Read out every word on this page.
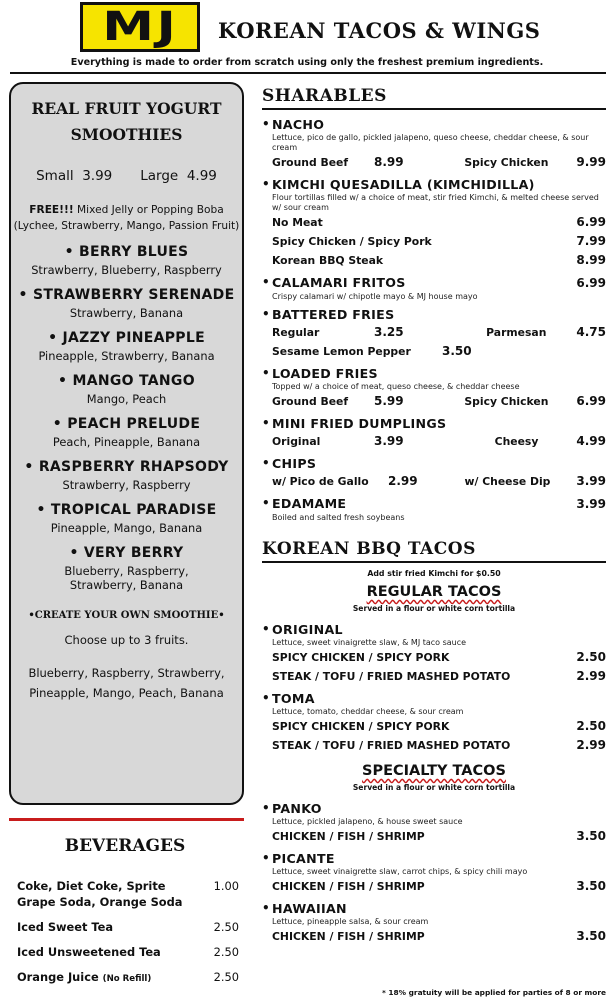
MJ KOREAN TACOS & WINGS
Everything is made to order from scratch using only the freshest premium ingredients.
REAL FRUIT YOGURT
SMOOTHIES
Small 3.99 Large 4.99
FREE!!! Mixed Jelly or Popping Boba
(Lychee, Strawberry, Mango, Passion Fruit)
• BERRY BLUES
Strawberry, Blueberry, Raspberry
• STRAWBERRY SERENADE
Strawberry, Banana
• JAZZY PINEAPPLE
Pineapple, Strawberry, Banana
• MANGO TANGO
Mango, Peach
• PEACH PRELUDE
Peach, Pineapple, Banana
• RASPBERRY RHAPSODY
Strawberry, Raspberry
• TROPICAL PARADISE
Pineapple, Mango, Banana
• VERY BERRY
Blueberry, Raspberry, Strawberry, Banana
•CREATE YOUR OWN SMOOTHIE•
Choose up to 3 fruits.
Blueberry, Raspberry, Strawberry,
Pineapple, Mango, Peach, Banana
BEVERAGES
Coke, Diet Coke, Sprite
Grape Soda, Orange Soda
1.00
Iced Sweet Tea	2.50
Iced Unsweetened Tea	2.50
Orange Juice (No Refill)	2.50
SHARABLES
• NACHO
Lettuce, pico de gallo, pickled jalapeno, queso cheese, cheddar cheese, & sour cream
Ground Beef	8.99	Spicy Chicken	9.99
• KIMCHI QUESADILLA (KIMCHIDILLA)
Flour tortillas filled w/ a choice of meat, stir fried Kimchi, & melted cheese served w/ sour cream
No Meat	6.99
Spicy Chicken / Spicy Pork	7.99
Korean BBQ Steak	8.99
• CALAMARI FRITOS	6.99
Crispy calamari w/ chipotle mayo & MJ house mayo
• BATTERED FRIES
Regular	3.25	Parmesan	4.75
Sesame Lemon Pepper	3.50
• LOADED FRIES
Topped w/ a choice of meat, queso cheese, & cheddar cheese
Ground Beef	5.99	Spicy Chicken	6.99
• MINI FRIED DUMPLINGS
Original	3.99	Cheesy	4.99
• CHIPS
w/ Pico de Gallo	2.99	w/ Cheese Dip	3.99
• EDAMAME	3.99
Boiled and salted fresh soybeans
KOREAN BBQ TACOS
Add stir fried Kimchi for $0.50
REGULAR TACOS
Served in a flour or white corn tortilla
• ORIGINAL
Lettuce, sweet vinaigrette slaw, & MJ taco sauce
SPICY CHICKEN / SPICY PORK	2.50
STEAK / TOFU / FRIED MASHED POTATO	2.99
• TOMA
Lettuce, tomato, cheddar cheese, & sour cream
SPICY CHICKEN / SPICY PORK	2.50
STEAK / TOFU / FRIED MASHED POTATO	2.99
SPECIALTY TACOS
Served in a flour or white corn tortilla
• PANKO
Lettuce, pickled jalapeno, & house sweet sauce
CHICKEN / FISH / SHRIMP	3.50
• PICANTE
Lettuce, sweet vinaigrette slaw, carrot chips, & spicy chili mayo
CHICKEN / FISH / SHRIMP	3.50
• HAWAIIAN
Lettuce, pineapple salsa, & sour cream
CHICKEN / FISH / SHRIMP	3.50
* 18% gratuity will be applied for parties of 8 or more
